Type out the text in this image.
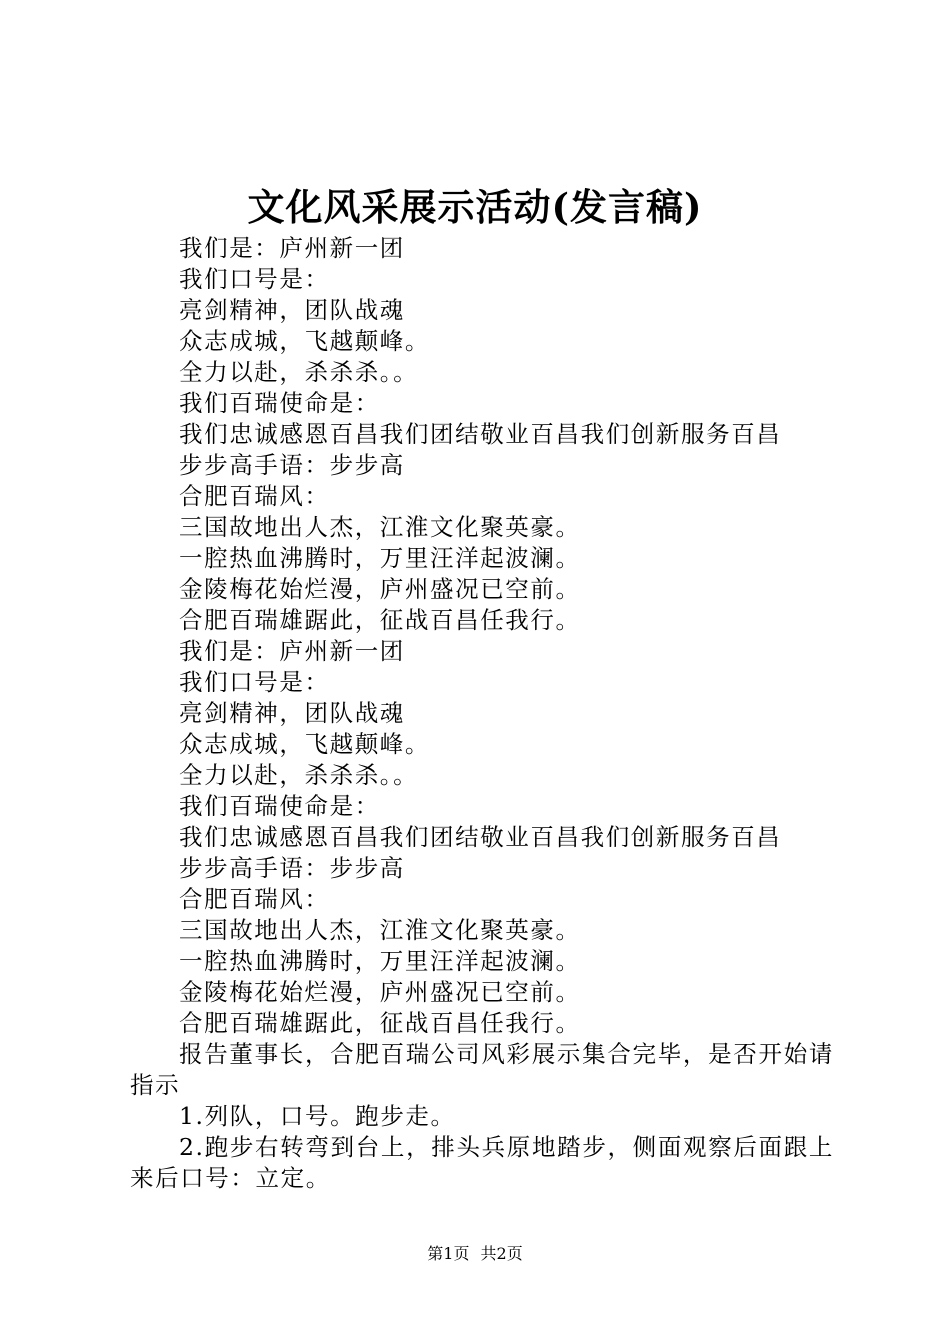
文化风采展示活动(发言稿)

我们是：庐州新一团

我们口号是：

亮剑精神，团队战魂

众志成城，飞越颠峰。

全力以赴，杀杀杀。。

我们百瑞使命是：

我们忠诚感恩百昌我们团结敬业百昌我们创新服务百昌

步步高手语：步步高

合肥百瑞风：

三国故地出人杰，江淮文化聚英豪。

一腔热血沸腾时，万里汪洋起波澜。

金陵梅花始烂漫，庐州盛况已空前。

合肥百瑞雄踞此，征战百昌任我行。

我们是：庐州新一团

我们口号是：

亮剑精神，团队战魂

众志成城，飞越颠峰。

全力以赴，杀杀杀。。

我们百瑞使命是：

我们忠诚感恩百昌我们团结敬业百昌我们创新服务百昌

步步高手语：步步高

合肥百瑞风：

三国故地出人杰，江淮文化聚英豪。

一腔热血沸腾时，万里汪洋起波澜。

金陵梅花始烂漫，庐州盛况已空前。

合肥百瑞雄踞此，征战百昌任我行。

报告董事长，合肥百瑞公司风彩展示集合完毕，是否开始请指示

1.列队，口号。跑步走。

2.跑步右转弯到台上，排头兵原地踏步，侧面观察后面跟上来后口号：立定。

第1页 共2页
